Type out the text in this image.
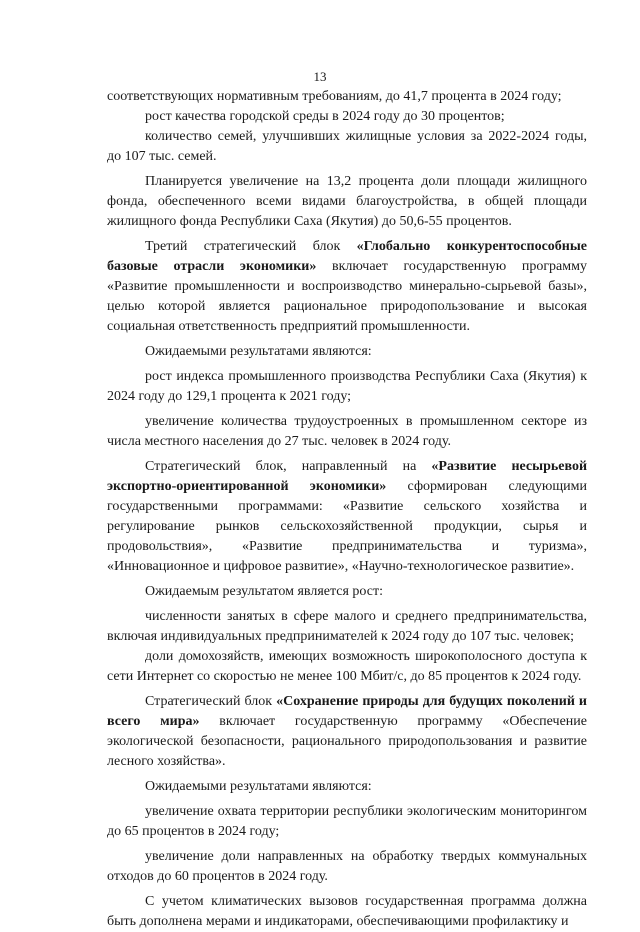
13

соответствующих нормативным требованиям, до 41,7 процента в 2024 году;

рост качества городской среды в 2024 году до 30 процентов;

количество семей, улучшивших жилищные условия за 2022-2024 годы, до 107 тыс. семей.

Планируется увеличение на 13,2 процента доли площади жилищного фонда, обеспеченного всеми видами благоустройства, в общей площади жилищного фонда Республики Саха (Якутия) до 50,6-55 процентов.

Третий стратегический блок «Глобально конкурентоспособные базовые отрасли экономики» включает государственную программу «Развитие промышленности и воспроизводство минерально-сырьевой базы», целью которой является рациональное природопользование и высокая социальная ответственность предприятий промышленности.

Ожидаемыми результатами являются:

рост индекса промышленного производства Республики Саха (Якутия) к 2024 году до 129,1 процента к 2021 году;

увеличение количества трудоустроенных в промышленном секторе из числа местного населения до 27 тыс. человек в 2024 году.

Стратегический блок, направленный на «Развитие несырьевой экспортно-ориентированной экономики» сформирован следующими государственными программами: «Развитие сельского хозяйства и регулирование рынков сельскохозяйственной продукции, сырья и продовольствия», «Развитие предпринимательства и туризма», «Инновационное и цифровое развитие», «Научно-технологическое развитие».

Ожидаемым результатом является рост:

численности занятых в сфере малого и среднего предпринимательства, включая индивидуальных предпринимателей к 2024 году до 107 тыс. человек;

доли домохозяйств, имеющих возможность широкополосного доступа к сети Интернет со скоростью не менее 100 Мбит/с, до 85 процентов к 2024 году.

Стратегический блок «Сохранение природы для будущих поколений и всего мира» включает государственную программу «Обеспечение экологической безопасности, рационального природопользования и развитие лесного хозяйства».

Ожидаемыми результатами являются:

увеличение охвата территории республики экологическим мониторингом до 65 процентов в 2024 году;

увеличение доли направленных на обработку твердых коммунальных отходов до 60 процентов в 2024 году.

С учетом климатических вызовов государственная программа должна быть дополнена мерами и индикаторами, обеспечивающими профилактику и
